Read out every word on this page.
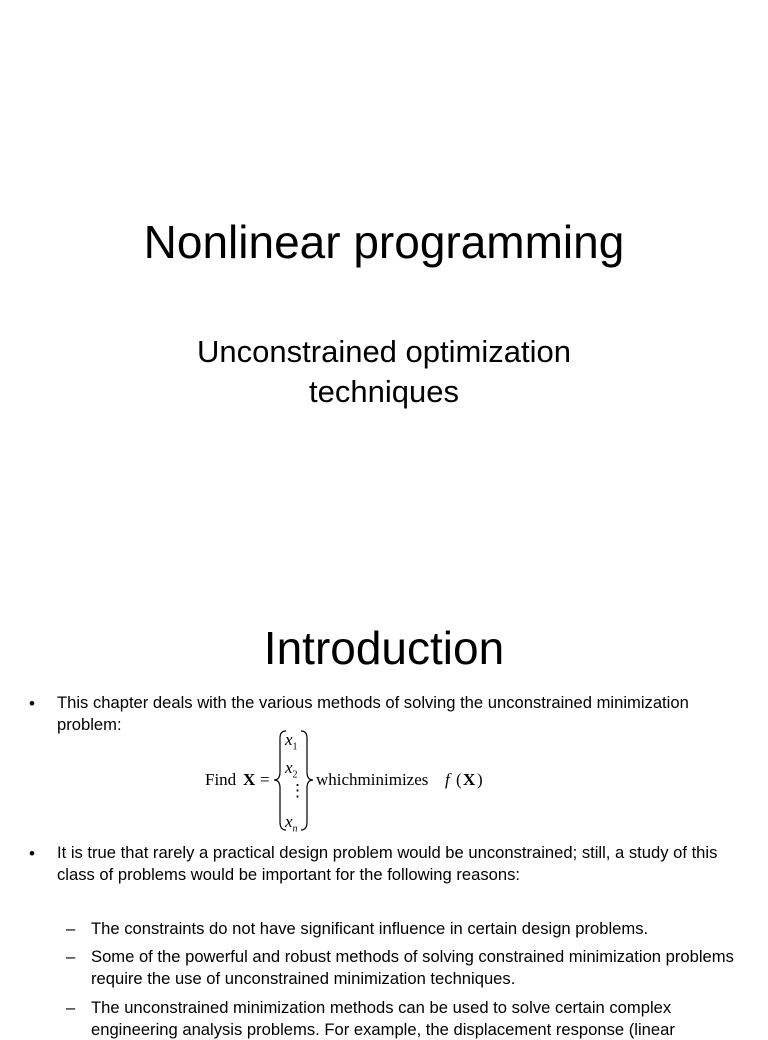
Nonlinear programming
Unconstrained optimization
techniques
Introduction
• This chapter deals with the various methods of solving the unconstrained minimization problem:
Find X =
$x_1$
$x_2$
⋮
$x_n$
whichminimizes f ( X )
• It is true that rarely a practical design problem would be unconstrained; still, a study of this class of problems would be important for the following reasons:
– The constraints do not have significant influence in certain design problems.
– Some of the powerful and robust methods of solving constrained minimization problems require the use of unconstrained minimization techniques.
– The unconstrained minimization methods can be used to solve certain complex engineering analysis problems. For example, the displacement response (linear
